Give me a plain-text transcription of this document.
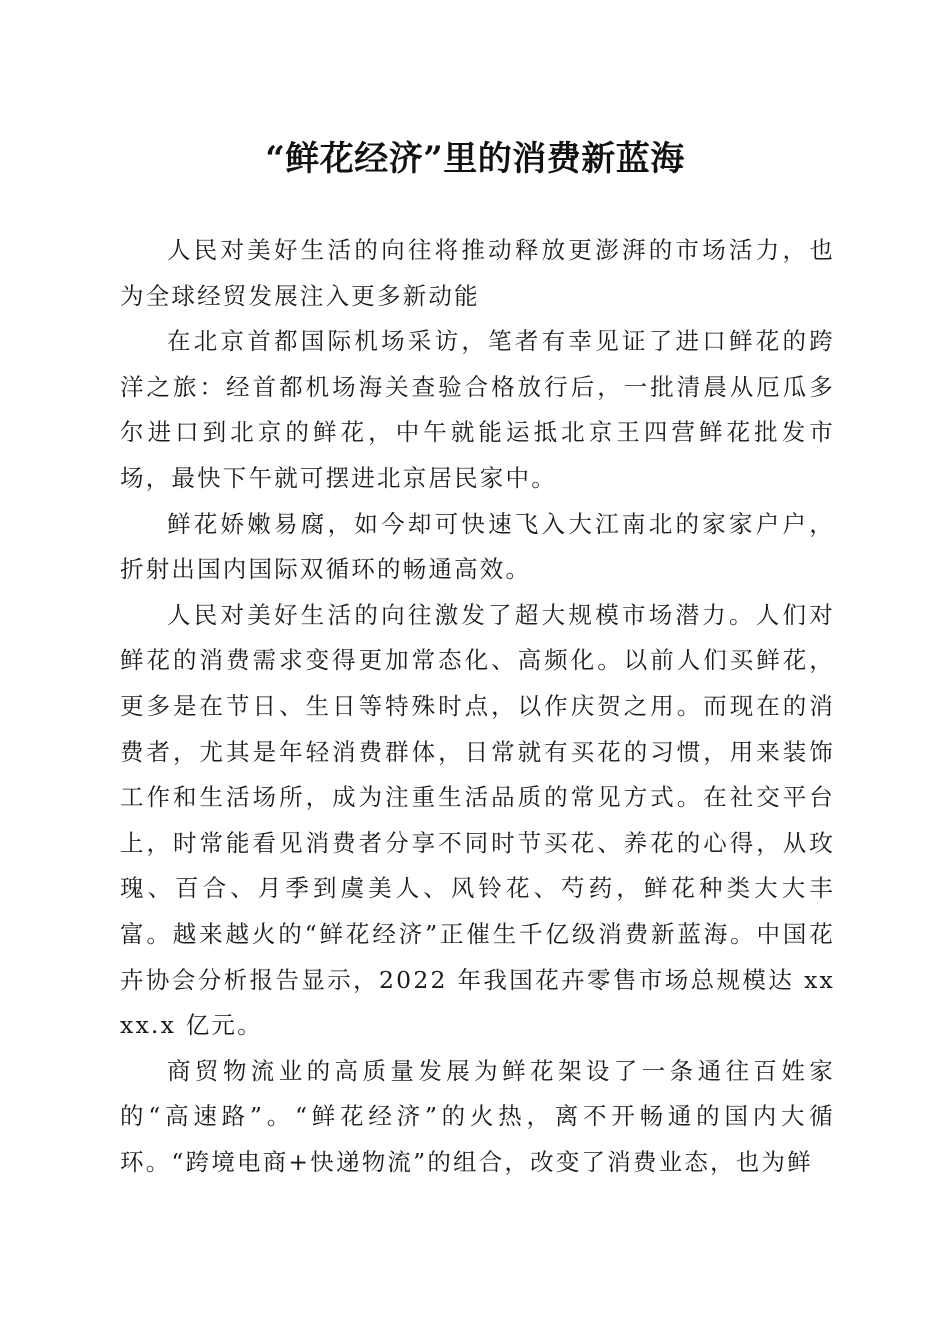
“鲜花经济”里的消费新蓝海

人民对美好生活的向往将推动释放更澎湃的市场活力，也为全球经贸发展注入更多新动能

在北京首都国际机场采访，笔者有幸见证了进口鲜花的跨洋之旅：经首都机场海关查验合格放行后，一批清晨从厄瓜多尔进口到北京的鲜花，中午就能运抵北京王四营鲜花批发市场，最快下午就可摆进北京居民家中。

鲜花娇嫩易腐，如今却可快速飞入大江南北的家家户户，折射出国内国际双循环的畅通高效。

人民对美好生活的向往激发了超大规模市场潜力。人们对鲜花的消费需求变得更加常态化、高频化。以前人们买鲜花，更多是在节日、生日等特殊时点，以作庆贺之用。而现在的消费者，尤其是年轻消费群体，日常就有买花的习惯，用来装饰工作和生活场所，成为注重生活品质的常见方式。在社交平台上，时常能看见消费者分享不同时节买花、养花的心得，从玫瑰、百合、月季到虞美人、风铃花、芍药，鲜花种类大大丰富。越来越火的“鲜花经济”正催生千亿级消费新蓝海。中国花卉协会分析报告显示，2022 年我国花卉零售市场总规模达 xxxx.x 亿元。

商贸物流业的高质量发展为鲜花架设了一条通往百姓家的“高速路”。“鲜花经济”的火热，离不开畅通的国内大循环。“跨境电商+快递物流”的组合，改变了消费业态，也为鲜
